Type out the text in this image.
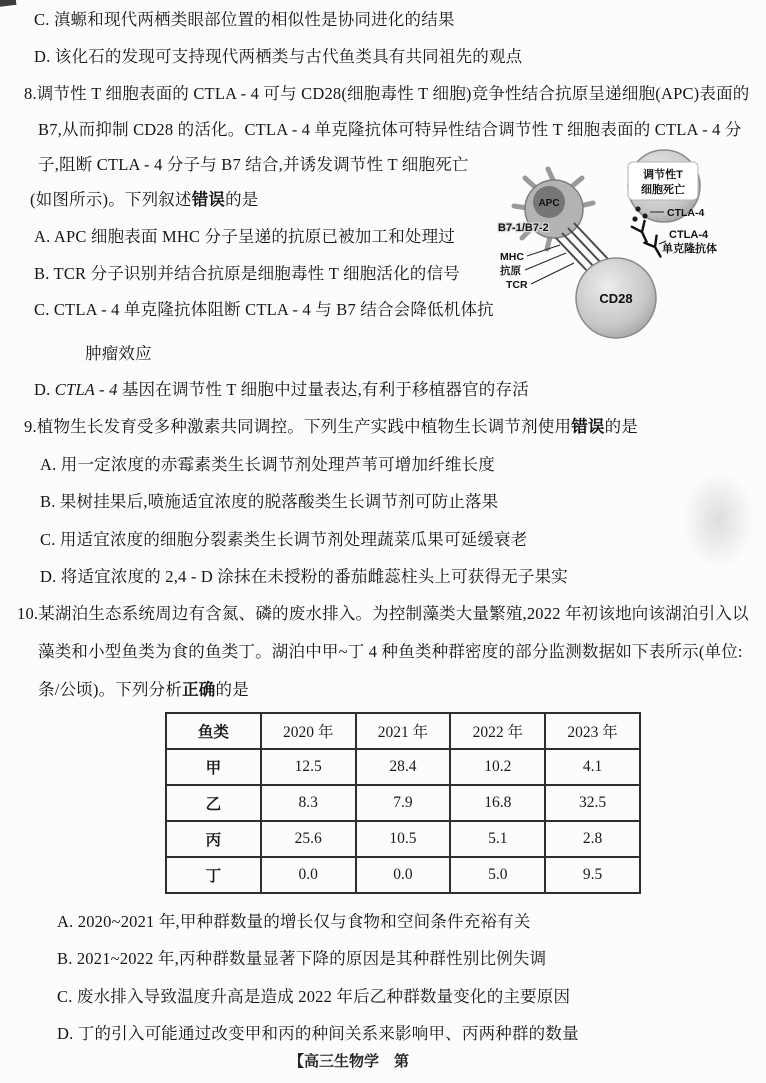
C. 滇螈和现代两栖类眼部位置的相似性是协同进化的结果
D. 该化石的发现可支持现代两栖类与古代鱼类具有共同祖先的观点
8.调节性 T 细胞表面的 CTLA - 4 可与 CD28(细胞毒性 T 细胞)竞争性结合抗原呈递细胞(APC)表面的
B7,从而抑制 CD28 的活化。CTLA - 4 单克隆抗体可特异性结合调节性 T 细胞表面的 CTLA - 4 分
子,阻断 CTLA - 4 分子与 B7 结合,并诱发调节性 T 细胞死亡
(如图所示)。下列叙述错误的是
A. APC 细胞表面 MHC 分子呈递的抗原已被加工和处理过
B. TCR 分子识别并结合抗原是细胞毒性 T 细胞活化的信号
C. CTLA - 4 单克隆抗体阻断 CTLA - 4 与 B7 结合会降低机体抗
肿瘤效应
D. CTLA - 4 基因在调节性 T 细胞中过量表达,有利于移植器官的存活
调节性T
细胞死亡
APC
B7-1/B7-2
CD28
MHC
抗原
TCR
CTLA-4
CTLA-4
单克隆抗体
9.植物生长发育受多种激素共同调控。下列生产实践中植物生长调节剂使用错误的是
A. 用一定浓度的赤霉素类生长调节剂处理芦苇可增加纤维长度
B. 果树挂果后,喷施适宜浓度的脱落酸类生长调节剂可防止落果
C. 用适宜浓度的细胞分裂素类生长调节剂处理蔬菜瓜果可延缓衰老
D. 将适宜浓度的 2,4 - D 涂抹在未授粉的番茄雌蕊柱头上可获得无子果实
10.某湖泊生态系统周边有含氮、磷的废水排入。为控制藻类大量繁殖,2022 年初该地向该湖泊引入以
藻类和小型鱼类为食的鱼类丁。湖泊中甲~丁 4 种鱼类种群密度的部分监测数据如下表所示(单位:
条/公顷)。下列分析正确的是
鱼类	2020 年	2021 年	2022 年	2023 年
甲	12.5	28.4	10.2	4.1
乙	8.3	7.9	16.8	32.5
丙	25.6	10.5	5.1	2.8
丁	0.0	0.0	5.0	9.5
A. 2020~2021 年,甲种群数量的增长仅与食物和空间条件充裕有关
B. 2021~2022 年,丙种群数量显著下降的原因是其种群性别比例失调
C. 废水排入导致温度升高是造成 2022 年后乙种群数量变化的主要原因
D. 丁的引入可能通过改变甲和丙的种间关系来影响甲、丙两种群的数量
【高三生物学　第
